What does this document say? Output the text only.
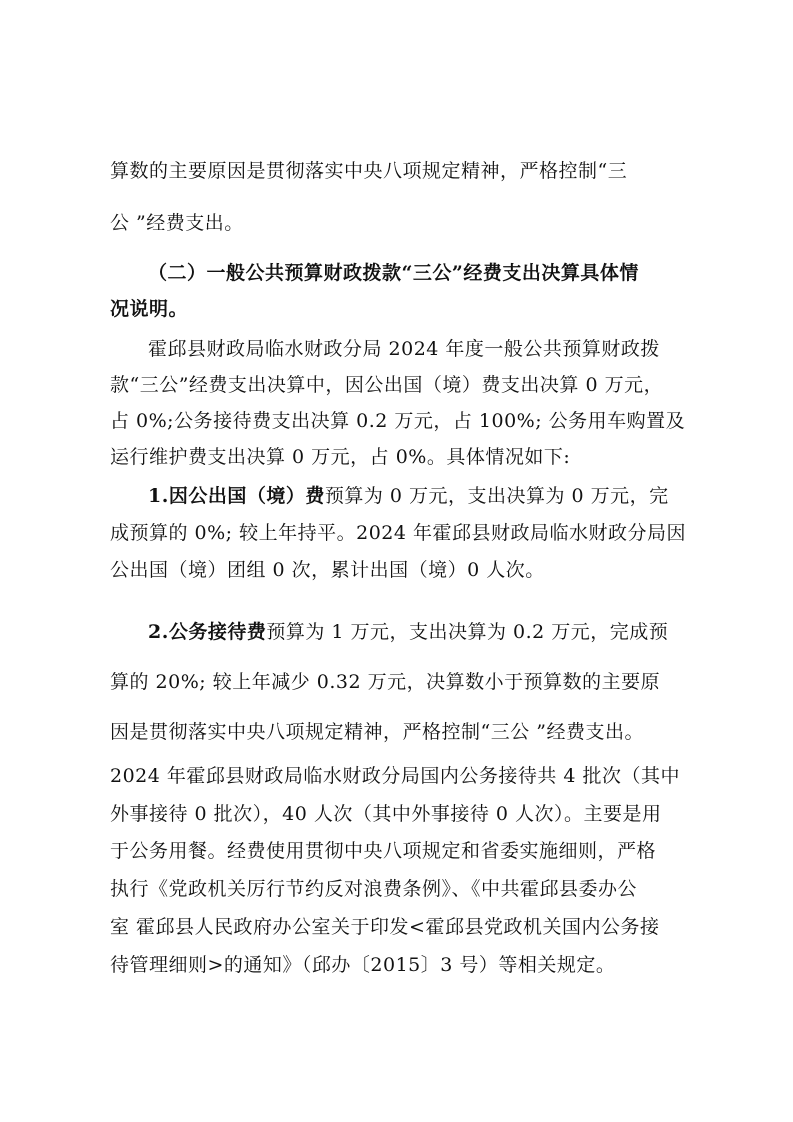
算数的主要原因是贯彻落实中央八项规定精神，严格控制“三
公 ”经费支出。
（二）一般公共预算财政拨款“三公”经费支出决算具体情
况说明。
霍邱县财政局临水财政分局 2024 年度一般公共预算财政拨
款“三公”经费支出决算中，因公出国（境）费支出决算 0 万元，
占 0%;公务接待费支出决算 0.2 万元，占 100%; 公务用车购置及
运行维护费支出决算 0 万元，占 0%。具体情况如下:
1.因公出国（境）费预算为 0 万元，支出决算为 0 万元，完
成预算的 0%; 较上年持平。2024 年霍邱县财政局临水财政分局因
公出国（境）团组 0 次，累计出国（境）0 人次。
2.公务接待费预算为 1 万元，支出决算为 0.2 万元，完成预
算的 20%; 较上年减少 0.32 万元，决算数小于预算数的主要原
因是贯彻落实中央八项规定精神，严格控制“三公 ”经费支出。
2024 年霍邱县财政局临水财政分局国内公务接待共 4 批次（其中
外事接待 0 批次），40 人次（其中外事接待 0 人次）。主要是用
于公务用餐。经费使用贯彻中央八项规定和省委实施细则，严格
执行《党政机关厉行节约反对浪费条例》、《中共霍邱县委办公
室 霍邱县人民政府办公室关于印发<霍邱县党政机关国内公务接
待管理细则>的通知》（邱办〔2015〕3 号）等相关规定。
